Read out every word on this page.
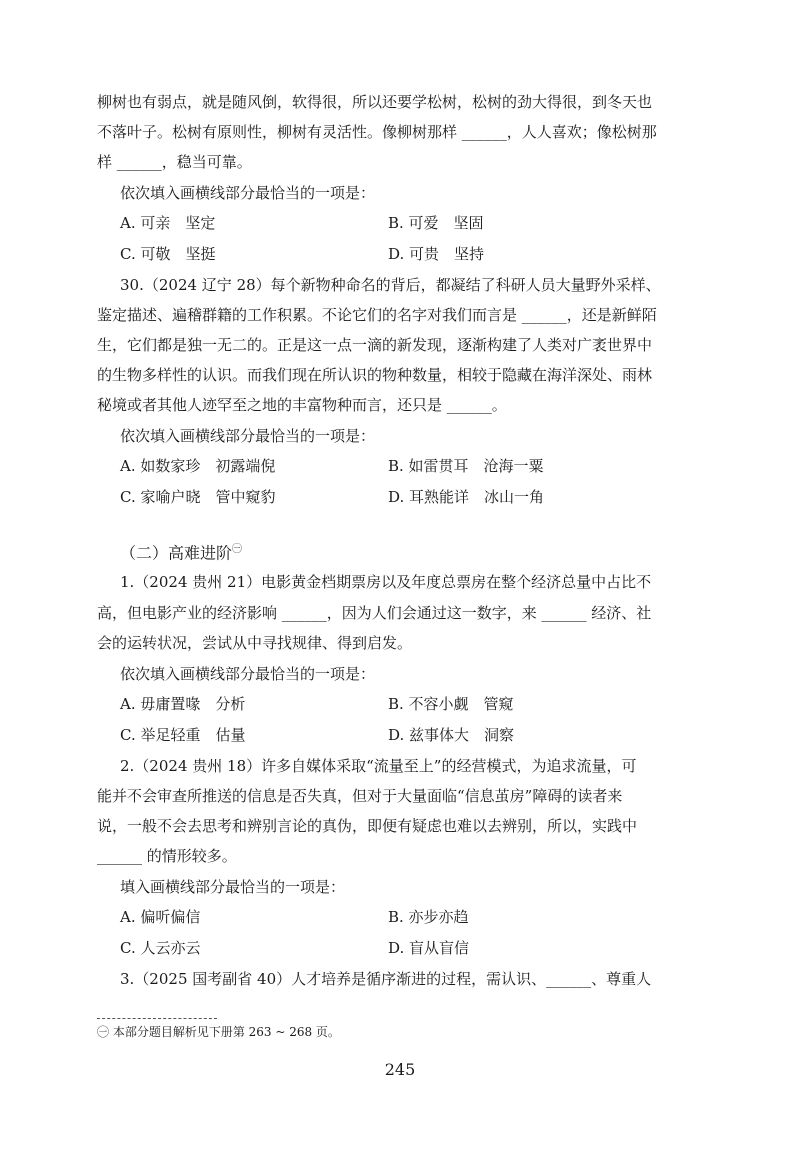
柳树也有弱点，就是随风倒，软得很，所以还要学松树，松树的劲大得很，到冬天也
不落叶子。松树有原则性，柳树有灵活性。像柳树那样 ______，人人喜欢；像松树那
样 ______，稳当可靠。
依次填入画横线部分最恰当的一项是：
A. 可亲　坚定	B. 可爱　坚固
C. 可敬　坚挺	D. 可贵　坚持
30.（2024 辽宁 28）每个新物种命名的背后，都凝结了科研人员大量野外采样、
鉴定描述、遍稽群籍的工作积累。不论它们的名字对我们而言是 ______，还是新鲜陌
生，它们都是独一无二的。正是这一点一滴的新发现，逐渐构建了人类对广袤世界中
的生物多样性的认识。而我们现在所认识的物种数量，相较于隐藏在海洋深处、雨林
秘境或者其他人迹罕至之地的丰富物种而言，还只是 ______。
依次填入画横线部分最恰当的一项是：
A. 如数家珍　初露端倪	B. 如雷贯耳　沧海一粟
C. 家喻户晓　管中窥豹	D. 耳熟能详　冰山一角
（二）高难进阶$^㊀$
1.（2024 贵州 21）电影黄金档期票房以及年度总票房在整个经济总量中占比不
高，但电影产业的经济影响 ______，因为人们会通过这一数字，来 ______ 经济、社
会的运转状况，尝试从中寻找规律、得到启发。
依次填入画横线部分最恰当的一项是：
A. 毋庸置喙　分析	B. 不容小觑　管窥
C. 举足轻重　估量	D. 兹事体大　洞察
2.（2024 贵州 18）许多自媒体采取“流量至上”的经营模式，为追求流量，可
能并不会审查所推送的信息是否失真，但对于大量面临“信息茧房”障碍的读者来
说，一般不会去思考和辨别言论的真伪，即便有疑虑也难以去辨别，所以，实践中
______ 的情形较多。
填入画横线部分最恰当的一项是：
A. 偏听偏信	B. 亦步亦趋
C. 人云亦云	D. 盲从盲信
3.（2025 国考副省 40）人才培养是循序渐进的过程，需认识、______、尊重人
㊀ 本部分题目解析见下册第 263 ~ 268 页。
245
